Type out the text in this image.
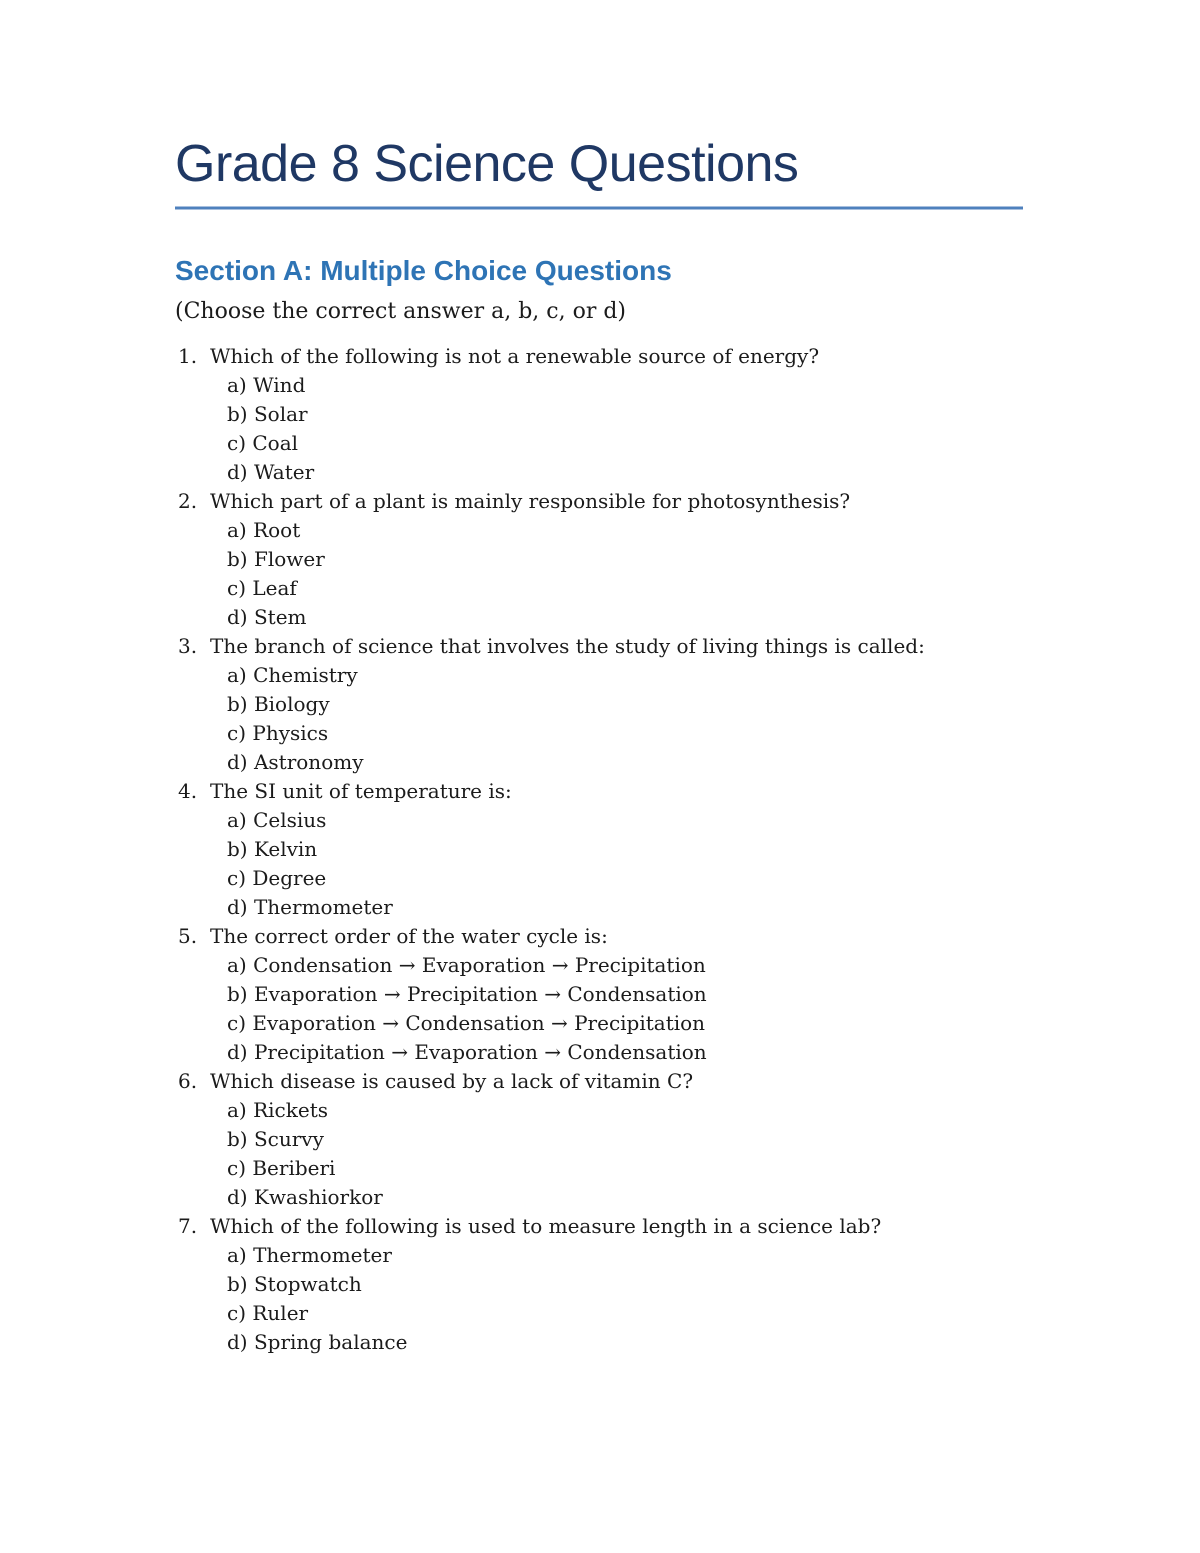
Grade 8 Science Questions
Section A: Multiple Choice Questions

(Choose the correct answer a, b, c, or d)

1. Which of the following is not a renewable source of energy?
a) Wind
b) Solar
c) Coal
d) Water
2. Which part of a plant is mainly responsible for photosynthesis?
a) Root
b) Flower
c) Leaf
d) Stem
3. The branch of science that involves the study of living things is called:
a) Chemistry
b) Biology
c) Physics
d) Astronomy
4. The SI unit of temperature is:
a) Celsius
b) Kelvin
c) Degree
d) Thermometer
5. The correct order of the water cycle is:
a) Condensation → Evaporation → Precipitation
b) Evaporation → Precipitation → Condensation
c) Evaporation → Condensation → Precipitation
d) Precipitation → Evaporation → Condensation
6. Which disease is caused by a lack of vitamin C?
a) Rickets
b) Scurvy
c) Beriberi
d) Kwashiorkor
7. Which of the following is used to measure length in a science lab?
a) Thermometer
b) Stopwatch
c) Ruler
d) Spring balance
